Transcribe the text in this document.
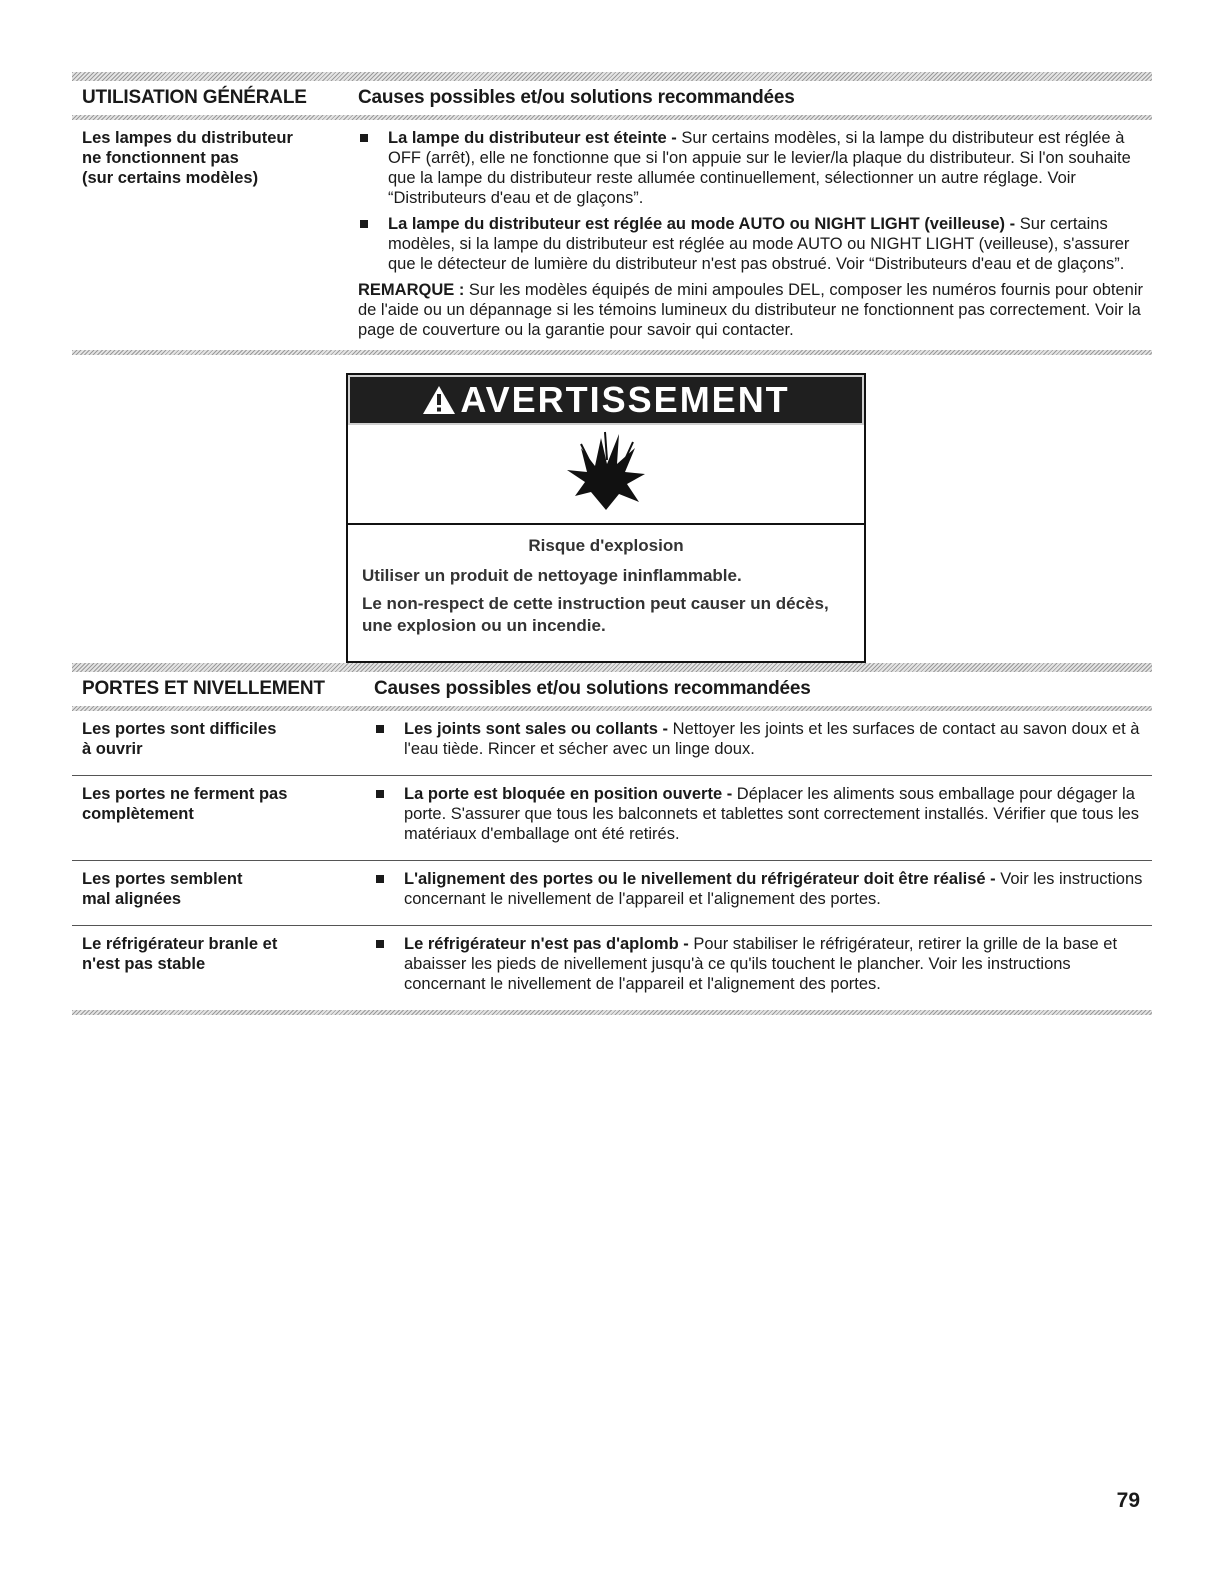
UTILISATION GÉNÉRALE	Causes possibles et/ou solutions recommandées
Les lampes du distributeur
ne fonctionnent pas
(sur certains modèles)
La lampe du distributeur est éteinte - Sur certains modèles, si la lampe du distributeur est réglée à OFF (arrêt), elle ne fonctionne que si l'on appuie sur le levier/la plaque du distributeur. Si l'on souhaite que la lampe du distributeur reste allumée continuellement, sélectionner un autre réglage. Voir “Distributeurs d'eau et de glaçons”.
La lampe du distributeur est réglée au mode AUTO ou NIGHT LIGHT (veilleuse) - Sur certains modèles, si la lampe du distributeur est réglée au mode AUTO ou NIGHT LIGHT (veilleuse), s'assurer que le détecteur de lumière du distributeur n'est pas obstrué. Voir “Distributeurs d'eau et de glaçons”.
REMARQUE : Sur les modèles équipés de mini ampoules DEL, composer les numéros fournis pour obtenir de l'aide ou un dépannage si les témoins lumineux du distributeur ne fonctionnent pas correctement. Voir la page de couverture ou la garantie pour savoir qui contacter.
AVERTISSEMENT
Risque d'explosion

Utiliser un produit de nettoyage ininflammable.

Le non-respect de cette instruction peut causer un décès, une explosion ou un incendie.

PORTES ET NIVELLEMENT	Causes possibles et/ou solutions recommandées
Les portes sont difficiles
à ouvrir
Les joints sont sales ou collants - Nettoyer les joints et les surfaces de contact au savon doux et à l'eau tiède. Rincer et sécher avec un linge doux.
Les portes ne ferment pas
complètement
La porte est bloquée en position ouverte - Déplacer les aliments sous emballage pour dégager la porte. S'assurer que tous les balconnets et tablettes sont correctement installés. Vérifier que tous les matériaux d'emballage ont été retirés.
Les portes semblent
mal alignées
L'alignement des portes ou le nivellement du réfrigérateur doit être réalisé - Voir les instructions concernant le nivellement de l'appareil et l'alignement des portes.
Le réfrigérateur branle et
n'est pas stable
Le réfrigérateur n'est pas d'aplomb - Pour stabiliser le réfrigérateur, retirer la grille de la base et abaisser les pieds de nivellement jusqu'à ce qu'ils touchent le plancher. Voir les instructions concernant le nivellement de l'appareil et l'alignement des portes.
79
